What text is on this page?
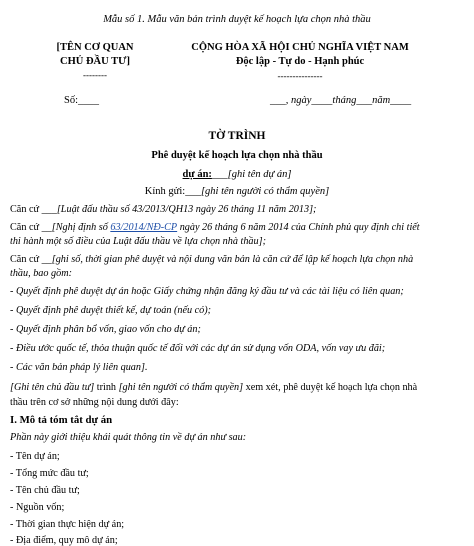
Mẫu số 1. Mẫu văn bản trình duyệt kế hoạch lựa chọn nhà thầu
[TÊN CƠ QUAN
CHỦ ĐẦU TƯ]
--------
CỘNG HÒA XÃ HỘI CHỦ NGHĨA VIỆT NAM
Độc lập - Tự do - Hạnh phúc
---------------
Số:____	___, ngày____tháng___năm____
TỜ TRÌNH
Phê duyệt kế hoạch lựa chọn nhà thầu
dự án:___[ghi tên dự án]
Kính gửi:___[ghi tên người có thẩm quyền]
Căn cứ ___[Luật đấu thầu số 43/2013/QH13 ngày 26 tháng 11 năm 2013];
Căn cứ __[Nghị định số 63/2014/NĐ-CP ngày 26 tháng 6 năm 2014 của Chính phủ quy định chi tiết
thi hành một số điều của Luật đấu thầu về lựa chọn nhà thầu];
Căn cứ __[ghi số, thời gian phê duyệt và nội dung văn bản là căn cứ để lập kế hoạch lựa chọn nhà
thầu, bao gồm:
- Quyết định phê duyệt dự án hoặc Giấy chứng nhận đăng ký đầu tư và các tài liệu có liên quan;
- Quyết định phê duyệt thiết kế, dự toán (nếu có);
- Quyết định phân bổ vốn, giao vốn cho dự án;
- Điều ước quốc tế, thỏa thuận quốc tế đối với các dự án sử dụng vốn ODA, vốn vay ưu đãi;
- Các văn bản pháp lý liên quan].
[Ghi tên chủ đầu tư] trình [ghi tên người có thẩm quyền] xem xét, phê duyệt kế hoạch lựa chọn nhà
thầu trên cơ sở những nội dung dưới đây:
I. Mô tả tóm tắt dự án
Phần này giới thiệu khái quát thông tin về dự án như sau:
- Tên dự án;
- Tổng mức đầu tư;
- Tên chủ đầu tư;
- Nguồn vốn;
- Thời gian thực hiện dự án;
- Địa điểm, quy mô dự án;
